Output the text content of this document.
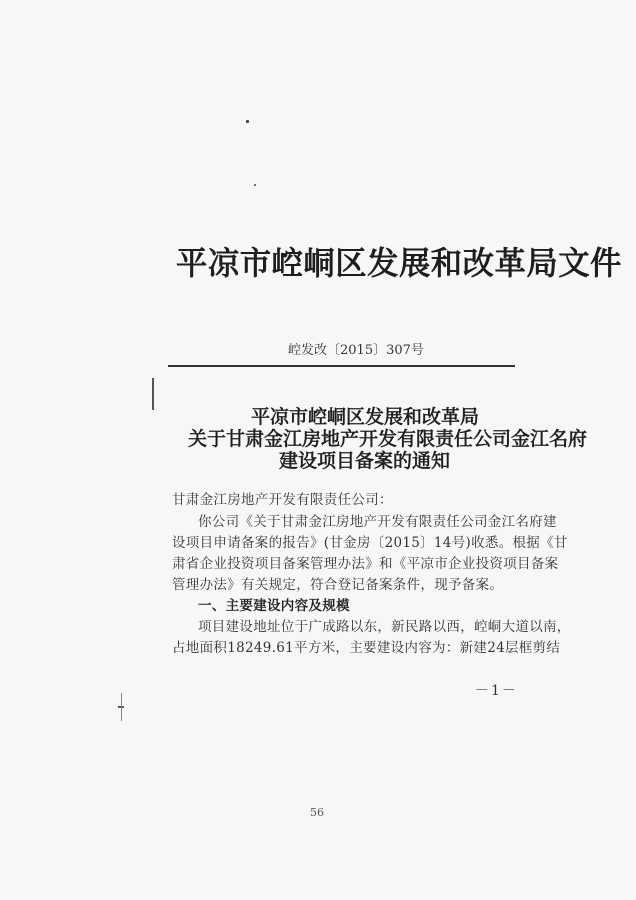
平凉市崆峒区发展和改革局文件
崆发改〔2015〕307号
平凉市崆峒区发展和改革局
关于甘肃金江房地产开发有限责任公司金江名府
建设项目备案的通知
甘肃金江房地产开发有限责任公司：
你公司《关于甘肃金江房地产开发有限责任公司金江名府建
设项目申请备案的报告》(甘金房〔2015〕14号)收悉。根据《甘
肃省企业投资项目备案管理办法》和《平凉市企业投资项目备案
管理办法》有关规定，符合登记备案条件，现予备案。
一、主要建设内容及规模
项目建设地址位于广成路以东，新民路以西，崆峒大道以南，
占地面积18249.61平方米，主要建设内容为：新建24层框剪结
－1－
56
